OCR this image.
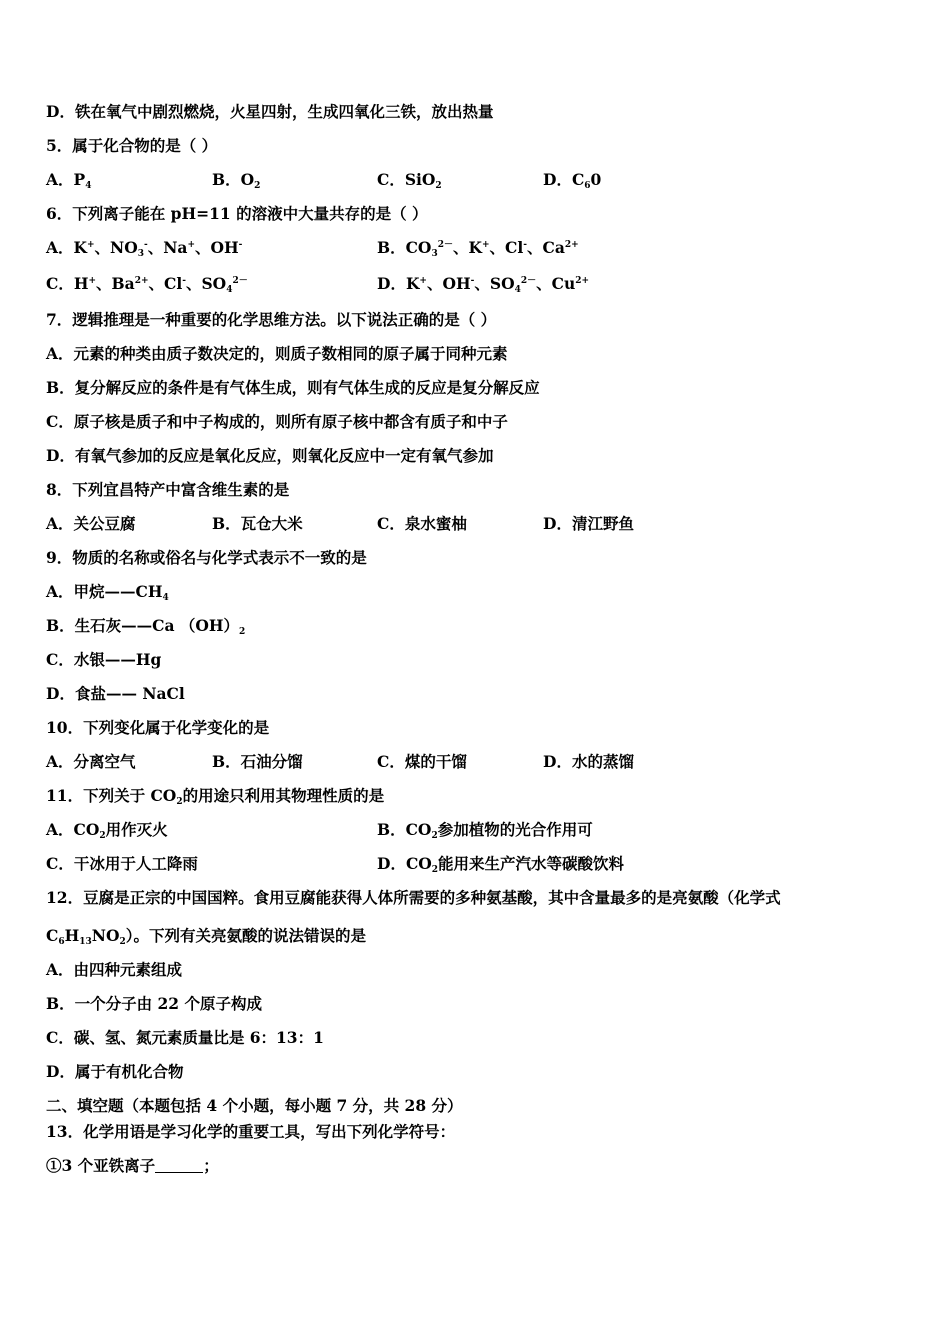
D．铁在氧气中剧烈燃烧，火星四射，生成四氧化三铁，放出热量
5．属于化合物的是（ ）
A．$P_4$	B．$O_2$	C．SiO$_2$	D．$C_60$
6．下列离子能在 pH=11 的溶液中大量共存的是（ ）
A．K+、$NO_3^-$、Na+、OH-	B．$CO_3^{2-}$、K+、Cl-、$Ca^{2+}$
C．H+、$Ba^{2+}$、Cl-、$SO_4^{2-}$	D．K+、OH-、$SO_4^{2-}$、$Cu^{2+}$
7．逻辑推理是一种重要的化学思维方法。以下说法正确的是（ ）
A．元素的种类由质子数决定的，则质子数相同的原子属于同种元素
B．复分解反应的条件是有气体生成，则有气体生成的反应是复分解反应
C．原子核是质子和中子构成的，则所有原子核中都含有质子和中子
D．有氧气参加的反应是氧化反应，则氧化反应中一定有氧气参加
8．下列宜昌特产中富含维生素的是
A．关公豆腐	B．瓦仓大米	C．泉水蜜柚	D．清江野鱼
9．物质的名称或俗名与化学式表示不一致的是
A．甲烷$——CH_4$
B．生石灰——Ca $(OH)_2$
C．水银——Hg
D．食盐—— NaCl
10．下列变化属于化学变化的是
A．分离空气	B．石油分馏	C．煤的干馏	D．水的蒸馏
11．下列关于 $CO_2$的用途只利用其物理性质的是
A．$CO_2$用作灭火	B．$CO_2$参加植物的光合作用可
C．干冰用于人工降雨	D．$CO_2$能用来生产汽水等碳酸饮料
12．豆腐是正宗的中国国粹。食用豆腐能获得人体所需要的多种氨基酸，其中含量最多的是亮氨酸（化学式
$C_6H_{13}NO_2$）。下列有关亮氨酸的说法错误的是
A．由四种元素组成
B．一个分子由 22 个原子构成
C．碳、氢、氮元素质量比是 6：13：1
D．属于有机化合物
二、填空题（本题包括 4 个小题，每小题 7 分，共 28 分）
13．化学用语是学习化学的重要工具，写出下列化学符号：
①3 个亚铁离子	；
